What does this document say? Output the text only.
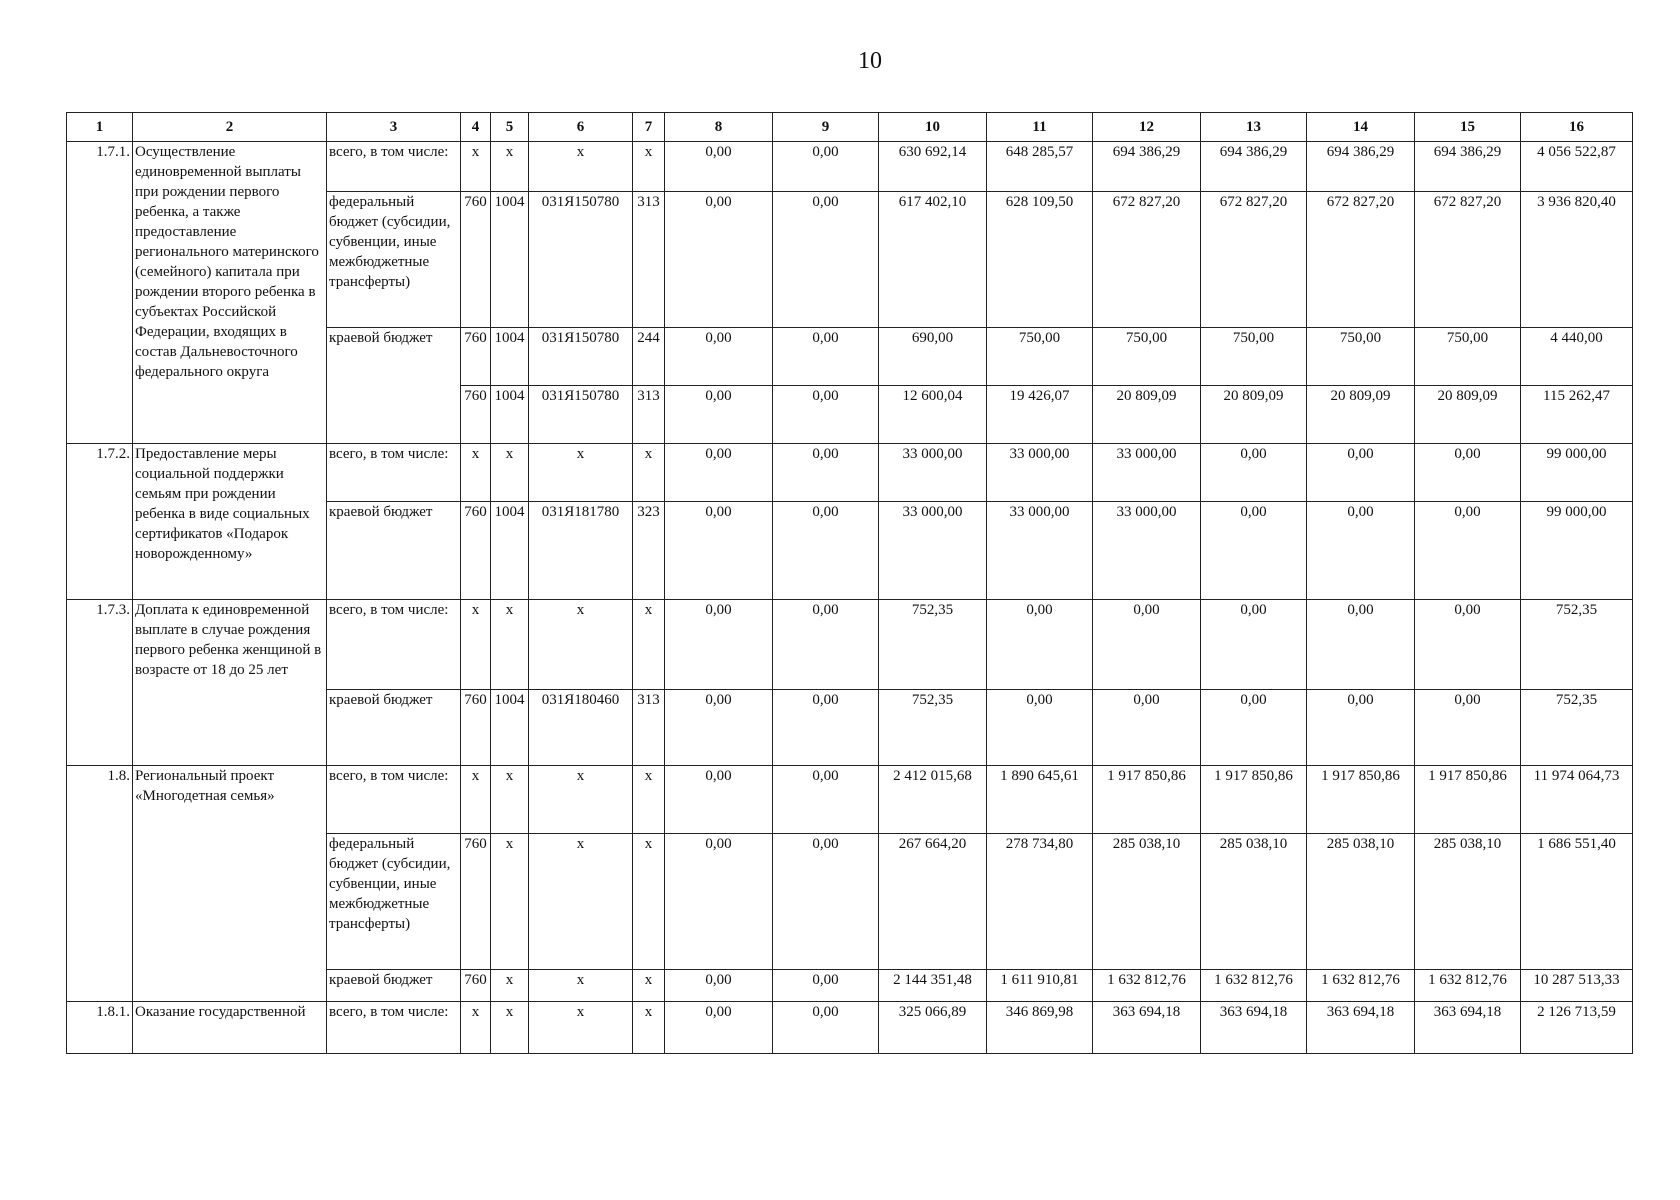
10
1	2	3	4	5	6	7	8	9	10	11	12	13	14	15	16
1.7.1.	Осуществление единовременной выплаты при рождении первого ребенка, а также предоставление регионального материнского (семейного) капитала при рождении второго ребенка в субъектах Российской Федерации, входящих в состав Дальневосточного федерального округа	всего, в том числе:	х	х	х	х	0,00	0,00	630 692,14	648 285,57	694 386,29	694 386,29	694 386,29	694 386,29	4 056 522,87
		федеральный бюджет (субсидии, субвенции, иные межбюджетные трансферты)	760	1004	031Я150780	313	0,00	0,00	617 402,10	628 109,50	672 827,20	672 827,20	672 827,20	672 827,20	3 936 820,40
		краевой бюджет	760	1004	031Я150780	244	0,00	0,00	690,00	750,00	750,00	750,00	750,00	750,00	4 440,00
			760	1004	031Я150780	313	0,00	0,00	12 600,04	19 426,07	20 809,09	20 809,09	20 809,09	20 809,09	115 262,47
1.7.2.	Предоставление меры социальной поддержки семьям при рождении ребенка в виде социальных сертификатов «Подарок новорожденному»	всего, в том числе:	х	х	х	х	0,00	0,00	33 000,00	33 000,00	33 000,00	0,00	0,00	0,00	99 000,00
		краевой бюджет	760	1004	031Я181780	323	0,00	0,00	33 000,00	33 000,00	33 000,00	0,00	0,00	0,00	99 000,00
1.7.3.	Доплата к единовременной выплате в случае рождения первого ребенка женщиной в возрасте от 18 до 25 лет	всего, в том числе:	х	х	х	х	0,00	0,00	752,35	0,00	0,00	0,00	0,00	0,00	752,35
		краевой бюджет	760	1004	031Я180460	313	0,00	0,00	752,35	0,00	0,00	0,00	0,00	0,00	752,35
1.8.	Региональный проект «Многодетная семья»	всего, в том числе:	х	х	х	х	0,00	0,00	2 412 015,68	1 890 645,61	1 917 850,86	1 917 850,86	1 917 850,86	1 917 850,86	11 974 064,73
		федеральный бюджет (субсидии, субвенции, иные межбюджетные трансферты)	760	х	х	х	0,00	0,00	267 664,20	278 734,80	285 038,10	285 038,10	285 038,10	285 038,10	1 686 551,40
		краевой бюджет	760	х	х	х	0,00	0,00	2 144 351,48	1 611 910,81	1 632 812,76	1 632 812,76	1 632 812,76	1 632 812,76	10 287 513,33
1.8.1.	Оказание государственной	всего, в том числе:	х	х	х	х	0,00	0,00	325 066,89	346 869,98	363 694,18	363 694,18	363 694,18	363 694,18	2 126 713,59
